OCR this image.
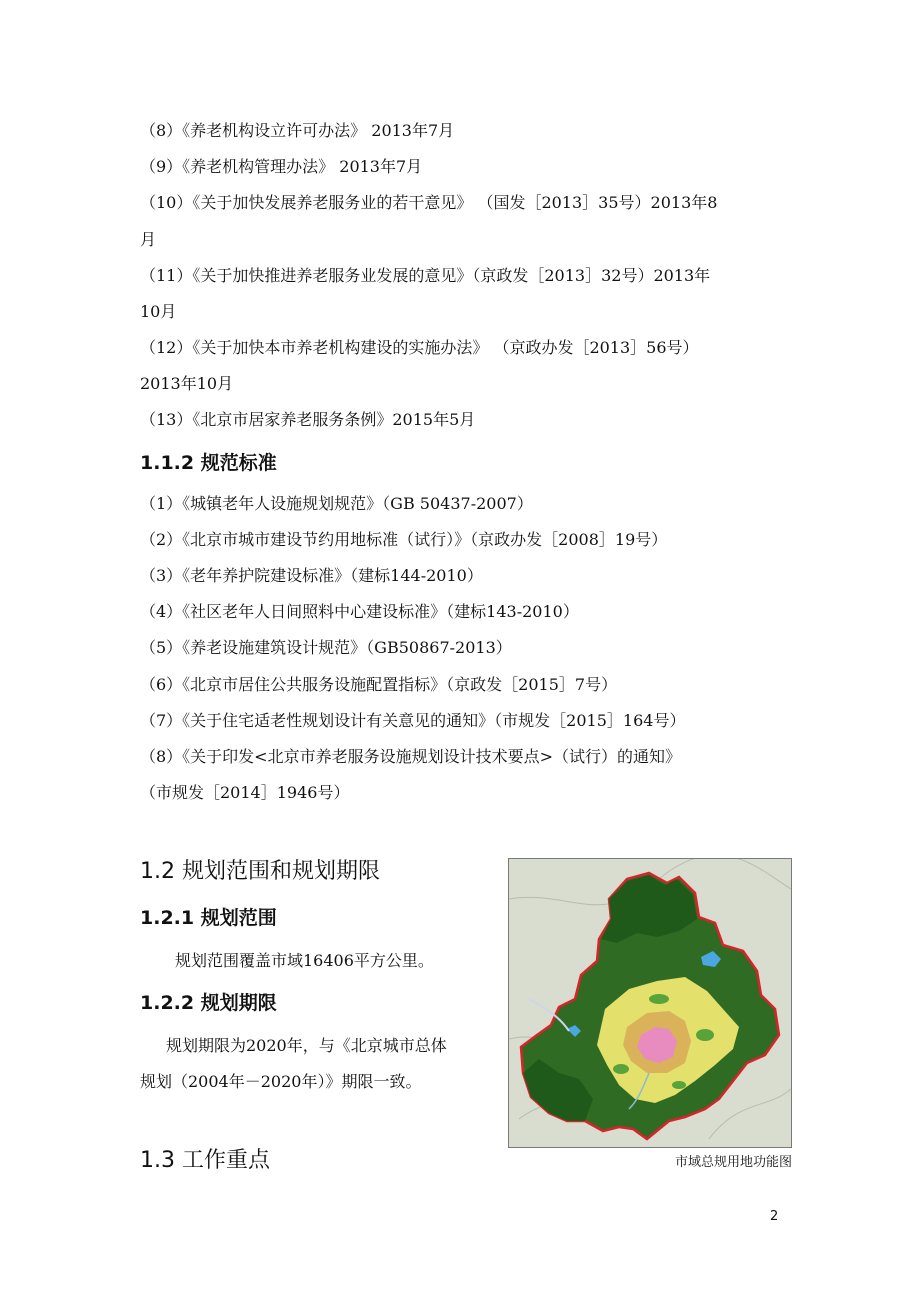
（8）《养老机构设立许可办法》 2013年7月
（9）《养老机构管理办法》 2013年7月
（10）《关于加快发展养老服务业的若干意见》 （国发［2013］35号）2013年8
月
（11）《关于加快推进养老服务业发展的意见》（京政发［2013］32号）2013年
10月
（12）《关于加快本市养老机构建设的实施办法》 （京政办发［2013］56号）
2013年10月
（13）《北京市居家养老服务条例》2015年5月
1.1.2 规范标准
（1）《城镇老年人设施规划规范》（GB 50437-2007）
（2）《北京市城市建设节约用地标准（试行）》（京政办发［2008］19号）
（3）《老年养护院建设标准》（建标144-2010）
（4）《社区老年人日间照料中心建设标准》（建标143-2010）
（5）《养老设施建筑设计规范》（GB50867-2013）
（6）《北京市居住公共服务设施配置指标》（京政发［2015］7号）
（7）《关于住宅适老性规划设计有关意见的通知》（市规发［2015］164号）
（8）《关于印发<北京市养老服务设施规划设计技术要点>（试行）的通知》
（市规发［2014］1946号）
1.2 规划范围和规划期限
1.2.1 规划范围
规划范围覆盖市域16406平方公里。
1.2.2 规划期限
规划期限为2020年，与《北京城市总体
规划（2004年－2020年）》期限一致。
1.3 工作重点	市域总规用地功能图
2
